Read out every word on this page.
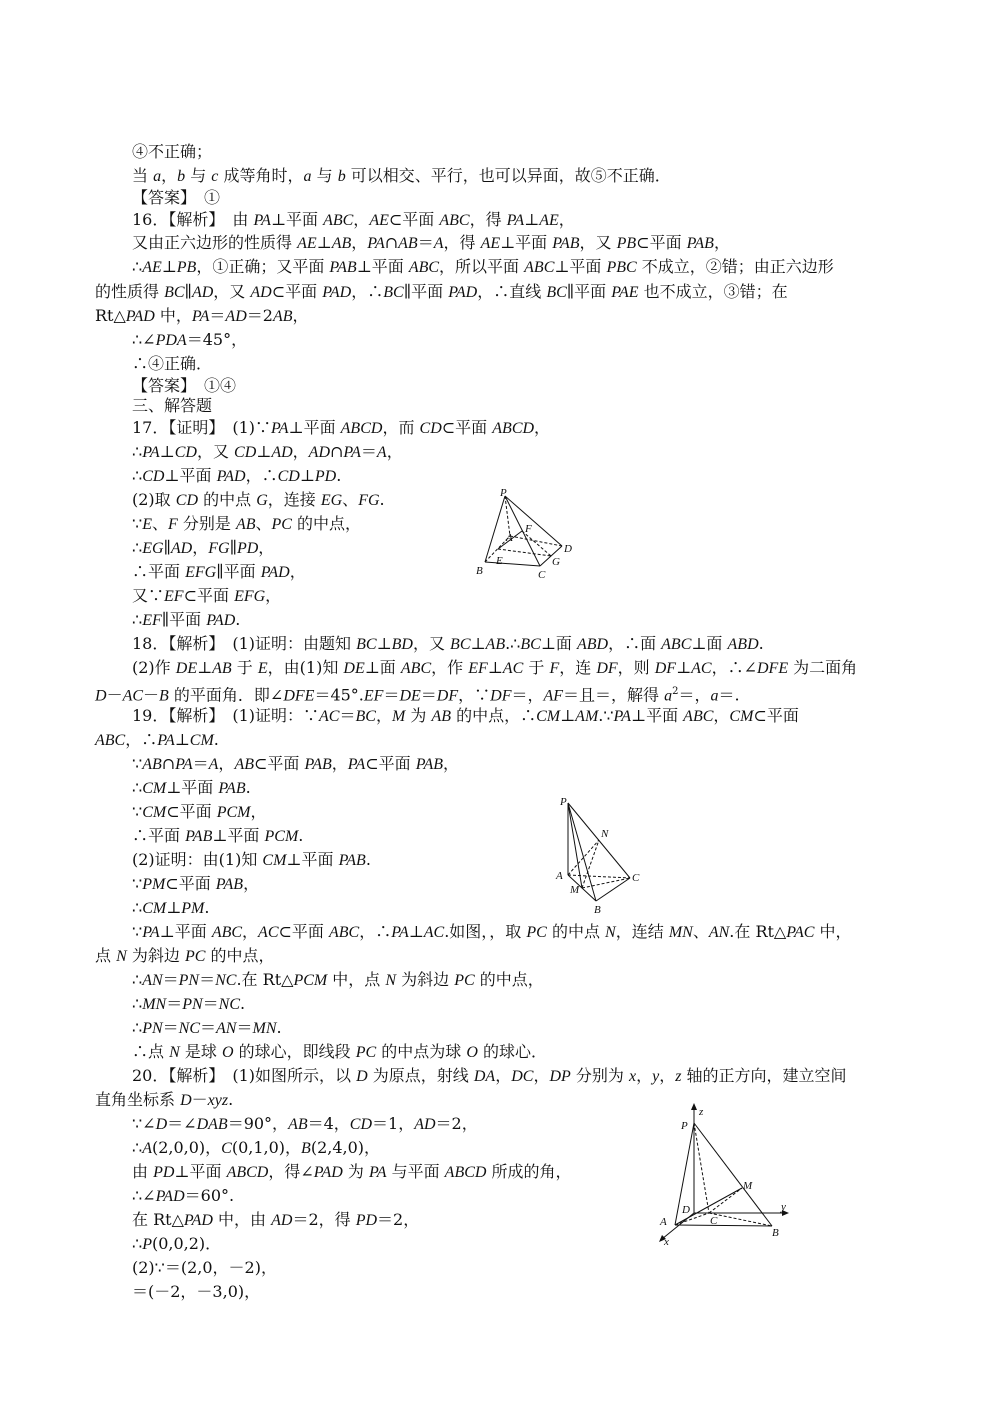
④不正确；
当 a，b 与 c 成等角时，a 与 b 可以相交、平行，也可以异面，故⑤不正确．
【答案】　①
16．【解析】　由 PA⊥平面 ABC，AE⊂平面 ABC，得 PA⊥AE，
又由正六边形的性质得 AE⊥AB，PA∩AB＝A，得 AE⊥平面 PAB，又 PB⊂平面 PAB，
∴AE⊥PB，①正确；又平面 PAB⊥平面 ABC，所以平面 ABC⊥平面 PBC 不成立，②错；由正六边形
的性质得 BC∥AD，又 AD⊂平面 PAD，∴BC∥平面 PAD，∴直线 BC∥平面 PAE 也不成立，③错；在
Rt△PAD 中，PA＝AD＝2AB，
∴∠PDA＝45°，
∴④正确．
【答案】　①④
三、解答题
17．【证明】　(1)∵PA⊥平面 ABCD，而 CD⊂平面 ABCD，
∴PA⊥CD，又 CD⊥AD，AD∩PA＝A，
∴CD⊥平面 PAD，∴CD⊥PD.
(2)取 CD 的中点 G，连接 EG、FG.
∵E、F 分别是 AB、PC 的中点，
∴EG∥AD，FG∥PD，
∴平面 EFG∥平面 PAD，
又∵EF⊂平面 EFG，
∴EF∥平面 PAD.
18．【解析】　(1)证明：由题知 BC⊥BD，又 BC⊥AB.∴BC⊥面 ABD，∴面 ABC⊥面 ABD.
(2)作 DE⊥AB 于 E，由(1)知 DE⊥面 ABC，作 EF⊥AC 于 F，连 DF，则 DF⊥AC，∴∠DFE 为二面角
D－AC－B 的平面角．即∠DFE＝45°.EF＝DE＝DF，∵DF＝，AF＝且＝，解得 $a^2=$，a＝.
19．【解析】　(1)证明：∵AC＝BC，M 为 AB 的中点，∴CM⊥AM.∵PA⊥平面 ABC，CM⊂平面
ABC，∴PA⊥CM.
∵AB∩PA＝A，AB⊂平面 PAB，PA⊂平面 PAB，
∴CM⊥平面 PAB.
∵CM⊂平面 PCM，
∴平面 PAB⊥平面 PCM.
(2)证明：由(1)知 CM⊥平面 PAB.
∵PM⊂平面 PAB，
∴CM⊥PM.
∵PA⊥平面 ABC，AC⊂平面 ABC，∴PA⊥AC.如图，，取 PC 的中点 N，连结 MN、AN.在 Rt△PAC 中，
点 N 为斜边 PC 的中点，
∴AN＝PN＝NC.在 Rt△PCM 中，点 N 为斜边 PC 的中点，
∴MN＝PN＝NC.
∴PN＝NC＝AN＝MN.
∴点 N 是球 O 的球心，即线段 PC 的中点为球 O 的球心．
20．【解析】　(1)如图所示，以 D 为原点，射线 DA，DC，DP 分别为 x，y，z 轴的正方向，建立空间
直角坐标系 D－xyz.
∵∠D＝∠DAB＝90°，AB＝4，CD＝1，AD＝2，
∴A(2,0,0)，C(0,1,0)，B(2,4,0)，
由 PD⊥平面 ABCD，得∠PAD 为 PA 与平面 ABCD 所成的角，
∴∠PAD＝60°.
在 Rt△PAD 中，由 AD＝2，得 PD＝2，
∴P(0,0,2)．
(2)∵＝(2,0，－2)，
＝(－2，－3,0)，
P
A
B	C
D
E
F
G
P
N
A
M
C
B
z
P
M
y
A
D
C
B
x
